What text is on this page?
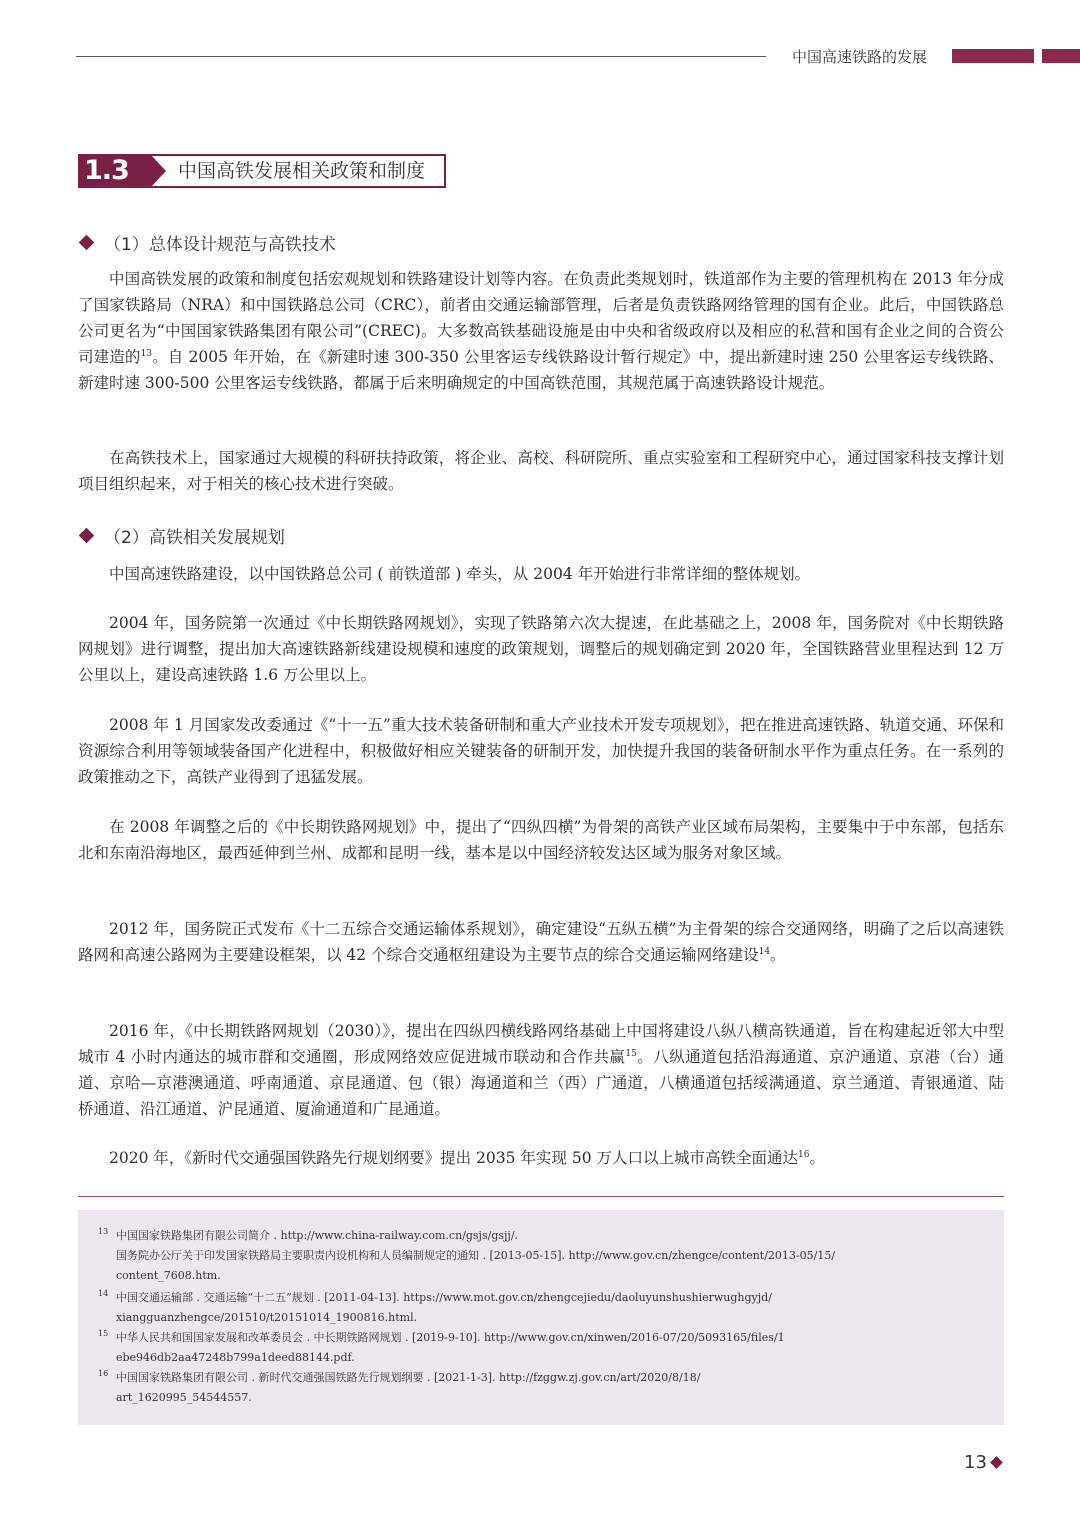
中国高速铁路的发展
1.3	中国高铁发展相关政策和制度
（1）总体设计规范与高铁技术
中国高铁发展的政策和制度包括宏观规划和铁路建设计划等内容。在负责此类规划时，铁道部作为主要的管理机构在 2013 年分成了国家铁路局（NRA）和中国铁路总公司（CRC），前者由交通运输部管理，后者是负责铁路网络管理的国有企业。此后，中国铁路总公司更名为“中国国家铁路集团有限公司”(CREC)。大多数高铁基础设施是由中央和省级政府以及相应的私营和国有企业之间的合资公司建造的$^{13}$。自 2005 年开始，在《新建时速 300-350 公里客运专线铁路设计暂行规定》中，提出新建时速 250 公里客运专线铁路、新建时速 300-500 公里客运专线铁路，都属于后来明确规定的中国高铁范围，其规范属于高速铁路设计规范。
在高铁技术上，国家通过大规模的科研扶持政策，将企业、高校、科研院所、重点实验室和工程研究中心，通过国家科技支撑计划项目组织起来，对于相关的核心技术进行突破。
（2）高铁相关发展规划
中国高速铁路建设，以中国铁路总公司 ( 前铁道部 ) 牵头，从 2004 年开始进行非常详细的整体规划。
2004 年，国务院第一次通过《中长期铁路网规划》，实现了铁路第六次大提速，在此基础之上，2008 年，国务院对《中长期铁路网规划》进行调整，提出加大高速铁路新线建设规模和速度的政策规划，调整后的规划确定到 2020 年，全国铁路营业里程达到 12 万公里以上，建设高速铁路 1.6 万公里以上。
2008 年 1 月国家发改委通过《“十一五”重大技术装备研制和重大产业技术开发专项规划》，把在推进高速铁路、轨道交通、环保和资源综合利用等领域装备国产化进程中，积极做好相应关键装备的研制开发，加快提升我国的装备研制水平作为重点任务。在一系列的政策推动之下，高铁产业得到了迅猛发展。
在 2008 年调整之后的《中长期铁路网规划》中，提出了“四纵四横”为骨架的高铁产业区域布局架构，主要集中于中东部，包括东北和东南沿海地区，最西延伸到兰州、成都和昆明一线，基本是以中国经济较发达区域为服务对象区域。
2012 年，国务院正式发布《十二五综合交通运输体系规划》，确定建设“五纵五横”为主骨架的综合交通网络，明确了之后以高速铁路网和高速公路网为主要建设框架，以 42 个综合交通枢纽建设为主要节点的综合交通运输网络建设$^{14}$。
2016 年，《中长期铁路网规划（2030）》，提出在四纵四横线路网络基础上中国将建设八纵八横高铁通道，旨在构建起近邻大中型城市 4 小时内通达的城市群和交通圈，形成网络效应促进城市联动和合作共赢$^{15}$。八纵通道包括沿海通道、京沪通道、京港（台）通道、京哈—京港澳通道、呼南通道、京昆通道、包（银）海通道和兰（西）广通道，八横通道包括绥满通道、京兰通道、青银通道、陆桥通道、沿江通道、沪昆通道、厦渝通道和广昆通道。
2020 年，《新时代交通强国铁路先行规划纲要》提出 2035 年实现 50 万人口以上城市高铁全面通达$^{16}$。
13 中国国家铁路集团有限公司简介 . http://www.china-railway.com.cn/gsjs/gsjj/.
国务院办公厅关于印发国家铁路局主要职责内设机构和人员编制规定的通知 . [2013-05-15]. http://www.gov.cn/zhengce/content/2013-05/15/
content_7608.htm.
14 中国交通运输部 . 交通运输“十二五”规划 . [2011-04-13]. https://www.mot.gov.cn/zhengcejiedu/daoluyunshushierwughgyjd/
xiangguanzhengce/201510/t20151014_1900816.html.
15 中华人民共和国国家发展和改革委员会 . 中长期铁路网规划 . [2019-9-10]. http://www.gov.cn/xinwen/2016-07/20/5093165/files/1
ebe946db2aa47248b799a1deed88144.pdf.
16 中国国家铁路集团有限公司 . 新时代交通强国铁路先行规划纲要 . [2021-1-3]. http://fzggw.zj.gov.cn/art/2020/8/18/
art_1620995_54544557.
13
